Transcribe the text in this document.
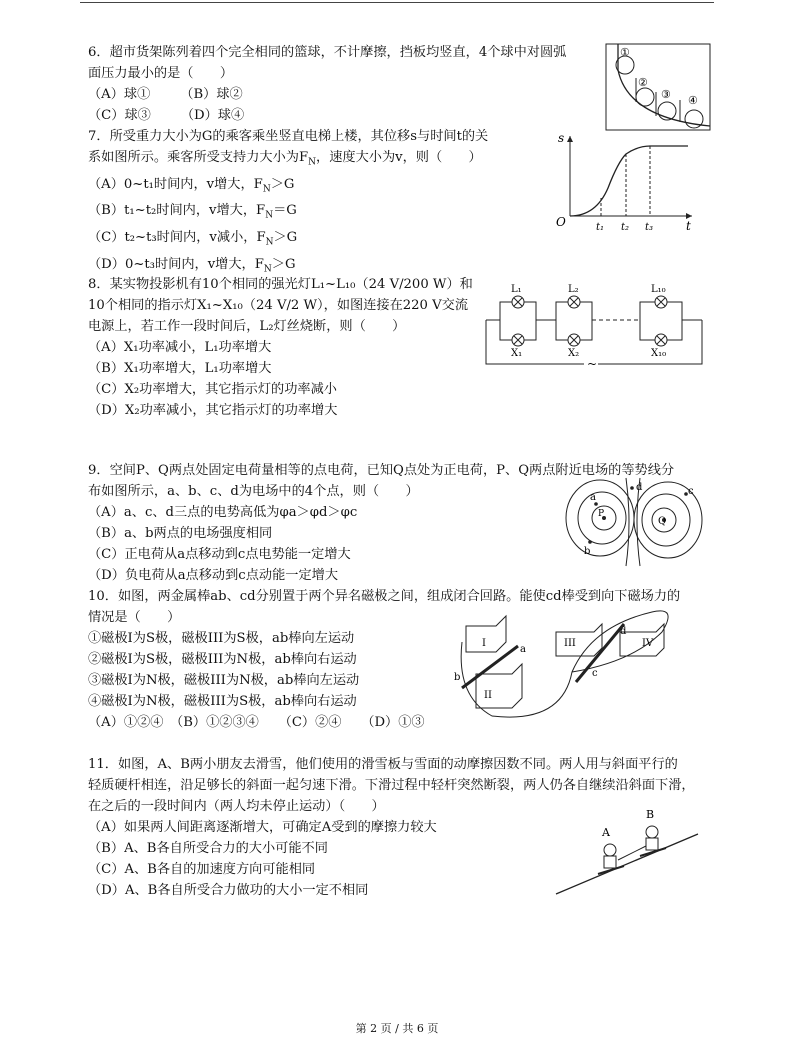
6．超市货架陈列着四个完全相同的篮球，不计摩擦，挡板均竖直，4个球中对圆弧
面压力最小的是（　　）
（A）球① （B）球②
（C）球③ （D）球④
①
②
③ ④
7．所受重力大小为G的乘客乘坐竖直电梯上楼，其位移s与时间t的关
系如图所示。乘客所受支持力大小为$F_N$，速度大小为v，则（　　）
（A）0~t₁时间内，v增大，$F_N>G$
（B）t₁~t₂时间内，v增大，$F_N=G$
（C）t₂~t₃时间内，v减小，$F_N>G$
（D）0~t₃时间内，v增大，$F_N>G$
s
O	t
t₁ t₂ t₃
8．某实物投影机有10个相同的强光灯L₁~L₁₀（24 V/200 W）和
10个相同的指示灯X₁~X₁₀（24 V/2 W），如图连接在220 V交流
电源上，若工作一段时间后，L₂灯丝烧断，则（　　）
（A）X₁功率减小，L₁功率增大
（B）X₁功率增大，L₁功率增大
（C）X₂功率增大，其它指示灯的功率减小
（D）X₂功率减小，其它指示灯的功率增大
~
L₁	L₂	L₁₀
X₁	X₂	X₁₀
9．空间P、Q两点处固定电荷量相等的点电荷，已知Q点处为正电荷，P、Q两点附近电场的等势线分
布如图所示，a、b、c、d为电场中的4个点，则（　　）
（A）a、c、d三点的电势高低为φa＞φd＞φc
（B）a、b两点的电场强度相同
（C）正电荷从a点移动到c点电势能一定增大
（D）负电荷从a点移动到c点动能一定增大
P
Q
a
b
c
d
10．如图，两金属棒ab、cd分别置于两个异名磁极之间，组成闭合回路。能使cd棒受到向下磁场力的
情况是（　　）
①磁极I为S极，磁极III为S极，ab棒向左运动
②磁极I为S极，磁极III为N极，ab棒向右运动
③磁极I为N极，磁极III为N极，ab棒向左运动
④磁极I为N极，磁极III为S极，ab棒向右运动
（A）①②④　（B）①②③④　　（C）②④　　（D）①③
I
II
III	IV
a
b	c
d
11．如图，A、B两小朋友去滑雪，他们使用的滑雪板与雪面的动摩擦因数不同。两人用与斜面平行的
轻质硬杆相连，沿足够长的斜面一起匀速下滑。下滑过程中轻杆突然断裂，两人仍各自继续沿斜面下滑，
在之后的一段时间内（两人均未停止运动）（　　）
（A）如果两人间距离逐渐增大，可确定A受到的摩擦力较大
（B）A、B各自所受合力的大小可能不同
（C）A、B各自的加速度方向可能相同
（D）A、B各自所受合力做功的大小一定不相同
A
B
第 2 页 / 共 6 页
